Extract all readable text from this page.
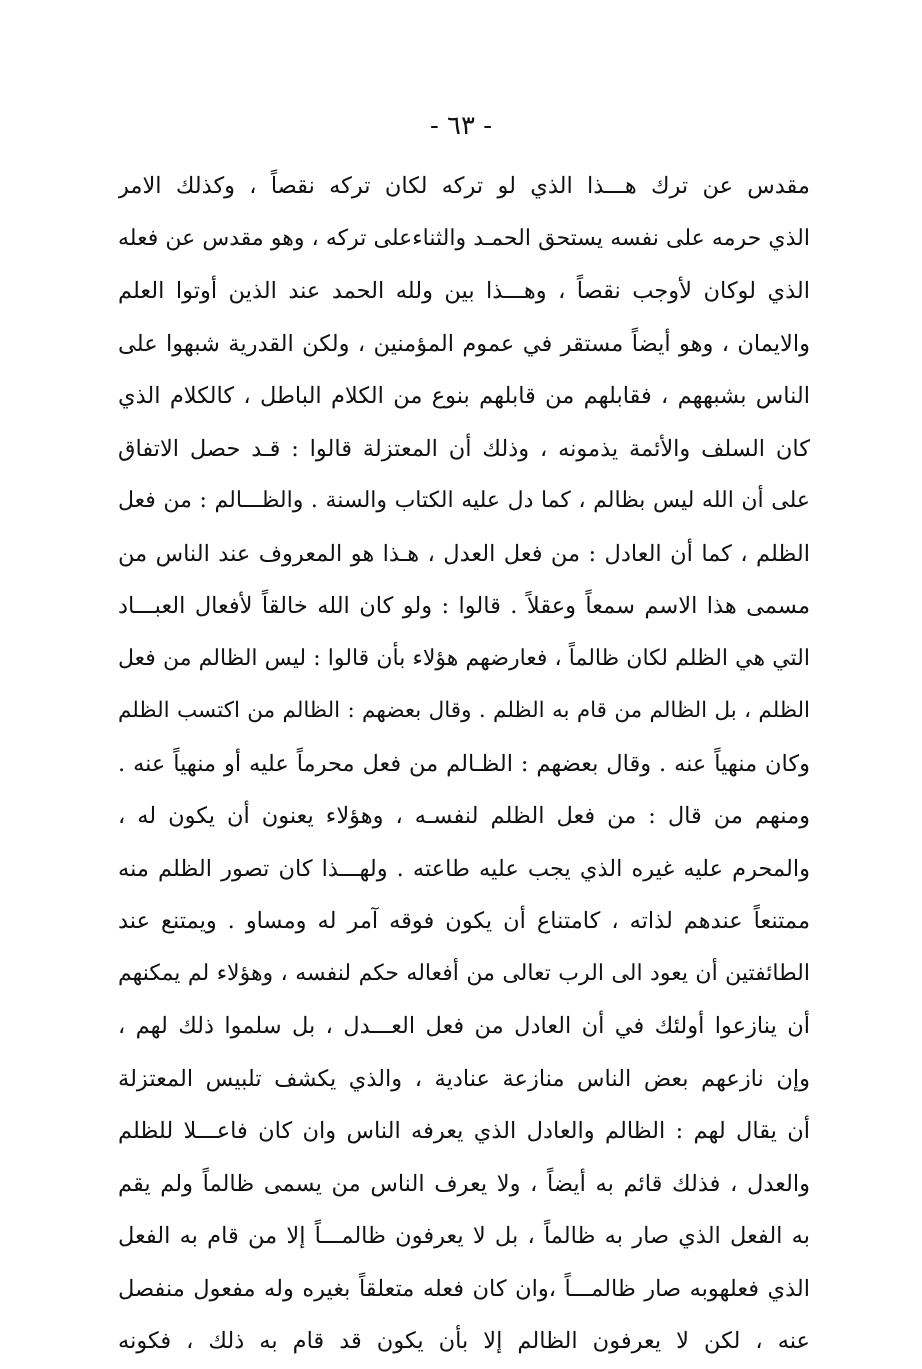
- ٦٣ -
مقدس عن ترك هـــذا الذي لو تركه لكان تركه نقصاً ، وكذلك الامر
الذي حرمه على نفسه يستحق الحمـد والثناءعلى تركه ، وهو مقدس عن فعله
الذي لوكان لأوجب نقصاً ، وهـــذا بين ولله الحمد عند الذين أوتوا العلم
والايمان ، وهو أيضاً مستقر في عموم المؤمنين ، ولكن القدرية شبهوا على
الناس بشبههم ، فقابلهم من قابلهم بنوع من الكلام الباطل ، كالكلام الذي
كان السلف والأئمة يذمونه ، وذلك أن المعتزلة قالوا : قـد حصل الاتفاق
على أن الله ليس بظالم ، كما دل عليه الكتاب والسنة . والظـــالم : من فعل
الظلم ، كما أن العادل : من فعل العدل ، هـذا هو المعروف عند الناس من
مسمى هذا الاسم سمعاً وعقلاً . قالوا : ولو كان الله خالقاً لأفعال العبـــاد
التي هي الظلم لكان ظالماً ، فعارضهم هؤلاء بأن قالوا : ليس الظالم من فعل
الظلم ، بل الظالم من قام به الظلم . وقال بعضهم : الظالم من اكتسب الظلم
وكان منهياً عنه . وقال بعضهم : الظـالم من فعل محرماً عليه أو منهياً عنه .
ومنهم من قال : من فعل الظلم لنفسـه ، وهؤلاء يعنون أن يكون له ،
والمحرم عليه غيره الذي يجب عليه طاعته . ولهـــذا كان تصور الظلم منه
ممتنعاً عندهم لذاته ، كامتناع أن يكون فوقه آمر له ومساو . ويمتنع عند
الطائفتين أن يعود الى الرب تعالى من أفعاله حكم لنفسه ، وهؤلاء لم يمكنهم
أن ينازعوا أولئك في أن العادل من فعل العـــدل ، بل سلموا ذلك لهم ،
وإن نازعهم بعض الناس منازعة عنادية ، والذي يكشف تلبيس المعتزلة
أن يقال لهم : الظالم والعادل الذي يعرفه الناس وان كان فاعـــلا للظلم
والعدل ، فذلك قائم به أيضاً ، ولا يعرف الناس من يسمى ظالماً ولم يقم
به الفعل الذي صار به ظالماً ، بل لا يعرفون ظالمـــاً إلا من قام به الفعل
الذي فعلهوبه صار ظالمـــاً ،وان كان فعله متعلقاً بغيره وله مفعول منفصل
عنه ، لكن لا يعرفون الظالم إلا بأن يكون قد قام به ذلك ، فكونه
